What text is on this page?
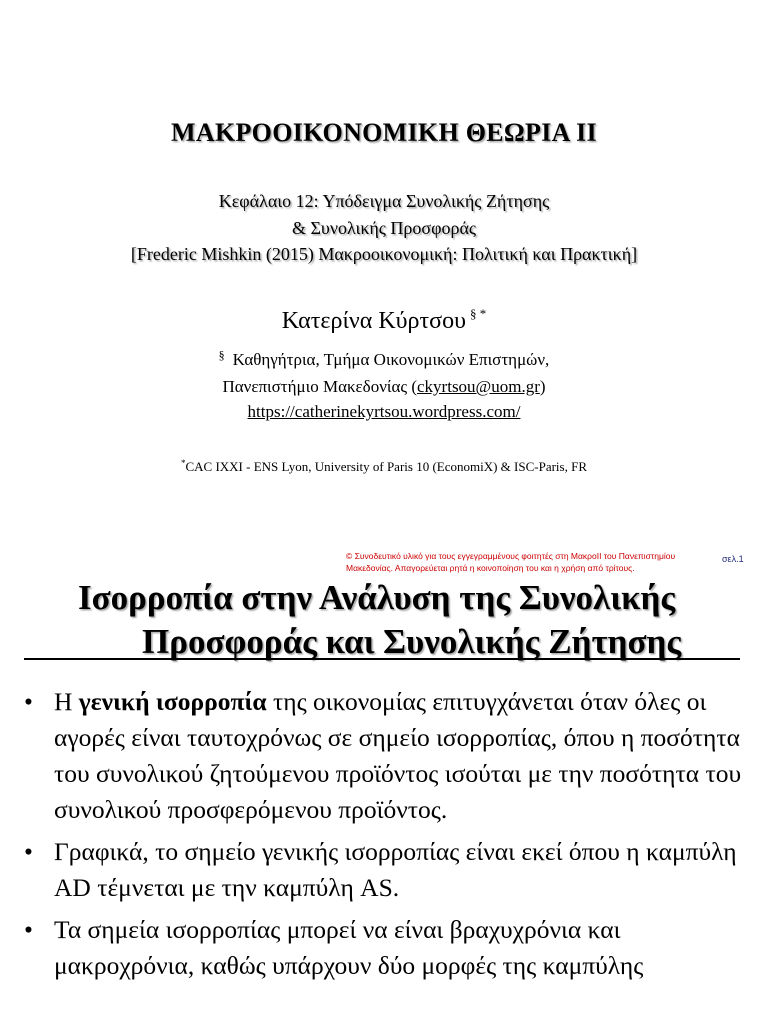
ΜΑΚΡΟΟΙΚΟΝΟΜΙΚΗ ΘΕΩΡΙΑ ΙΙ
Κεφάλαιο 12: Υπόδειγμα Συνολικής Ζήτησης
& Συνολικής Προσφοράς
[Frederic Mishkin (2015) Μακροοικονομική: Πολιτική και Πρακτική]
Κατερίνα Κύρτσου § *
§ Καθηγήτρια, Τμήμα Οικονομικών Επιστημών,
Πανεπιστήμιο Μακεδονίας (ckyrtsou@uom.gr)
https://catherinekyrtsou.wordpress.com/
*CAC IXXI - ENS Lyon, University of Paris 10 (EconomiX) & ISC-Paris, FR
© Συνοδευτικό υλικό για τους εγγεγραμμένους φοιτητές στη ΜακροΙΙ του Πανεπιστημίου Μακεδονίας. Απαγορεύεται ρητά η κοινοποίηση του και η χρήση από τρίτους.
σελ.1
Ισορροπία στην Ανάλυση της Συνολικής
Προσφοράς και Συνολικής Ζήτησης
• Η γενική ισορροπία της οικονομίας επιτυγχάνεται όταν όλες οι αγορές είναι ταυτοχρόνως σε σημείο ισορροπίας, όπου η ποσότητα του συνολικού ζητούμενου προϊόντος ισούται με την ποσότητα του συνολικού προσφερόμενου προϊόντος.
• Γραφικά, το σημείο γενικής ισορροπίας είναι εκεί όπου η καμπύλη AD τέμνεται με την καμπύλη AS.
• Τα σημεία ισορροπίας μπορεί να είναι βραχυχρόνια και μακροχρόνια, καθώς υπάρχουν δύο μορφές της καμπύλης
